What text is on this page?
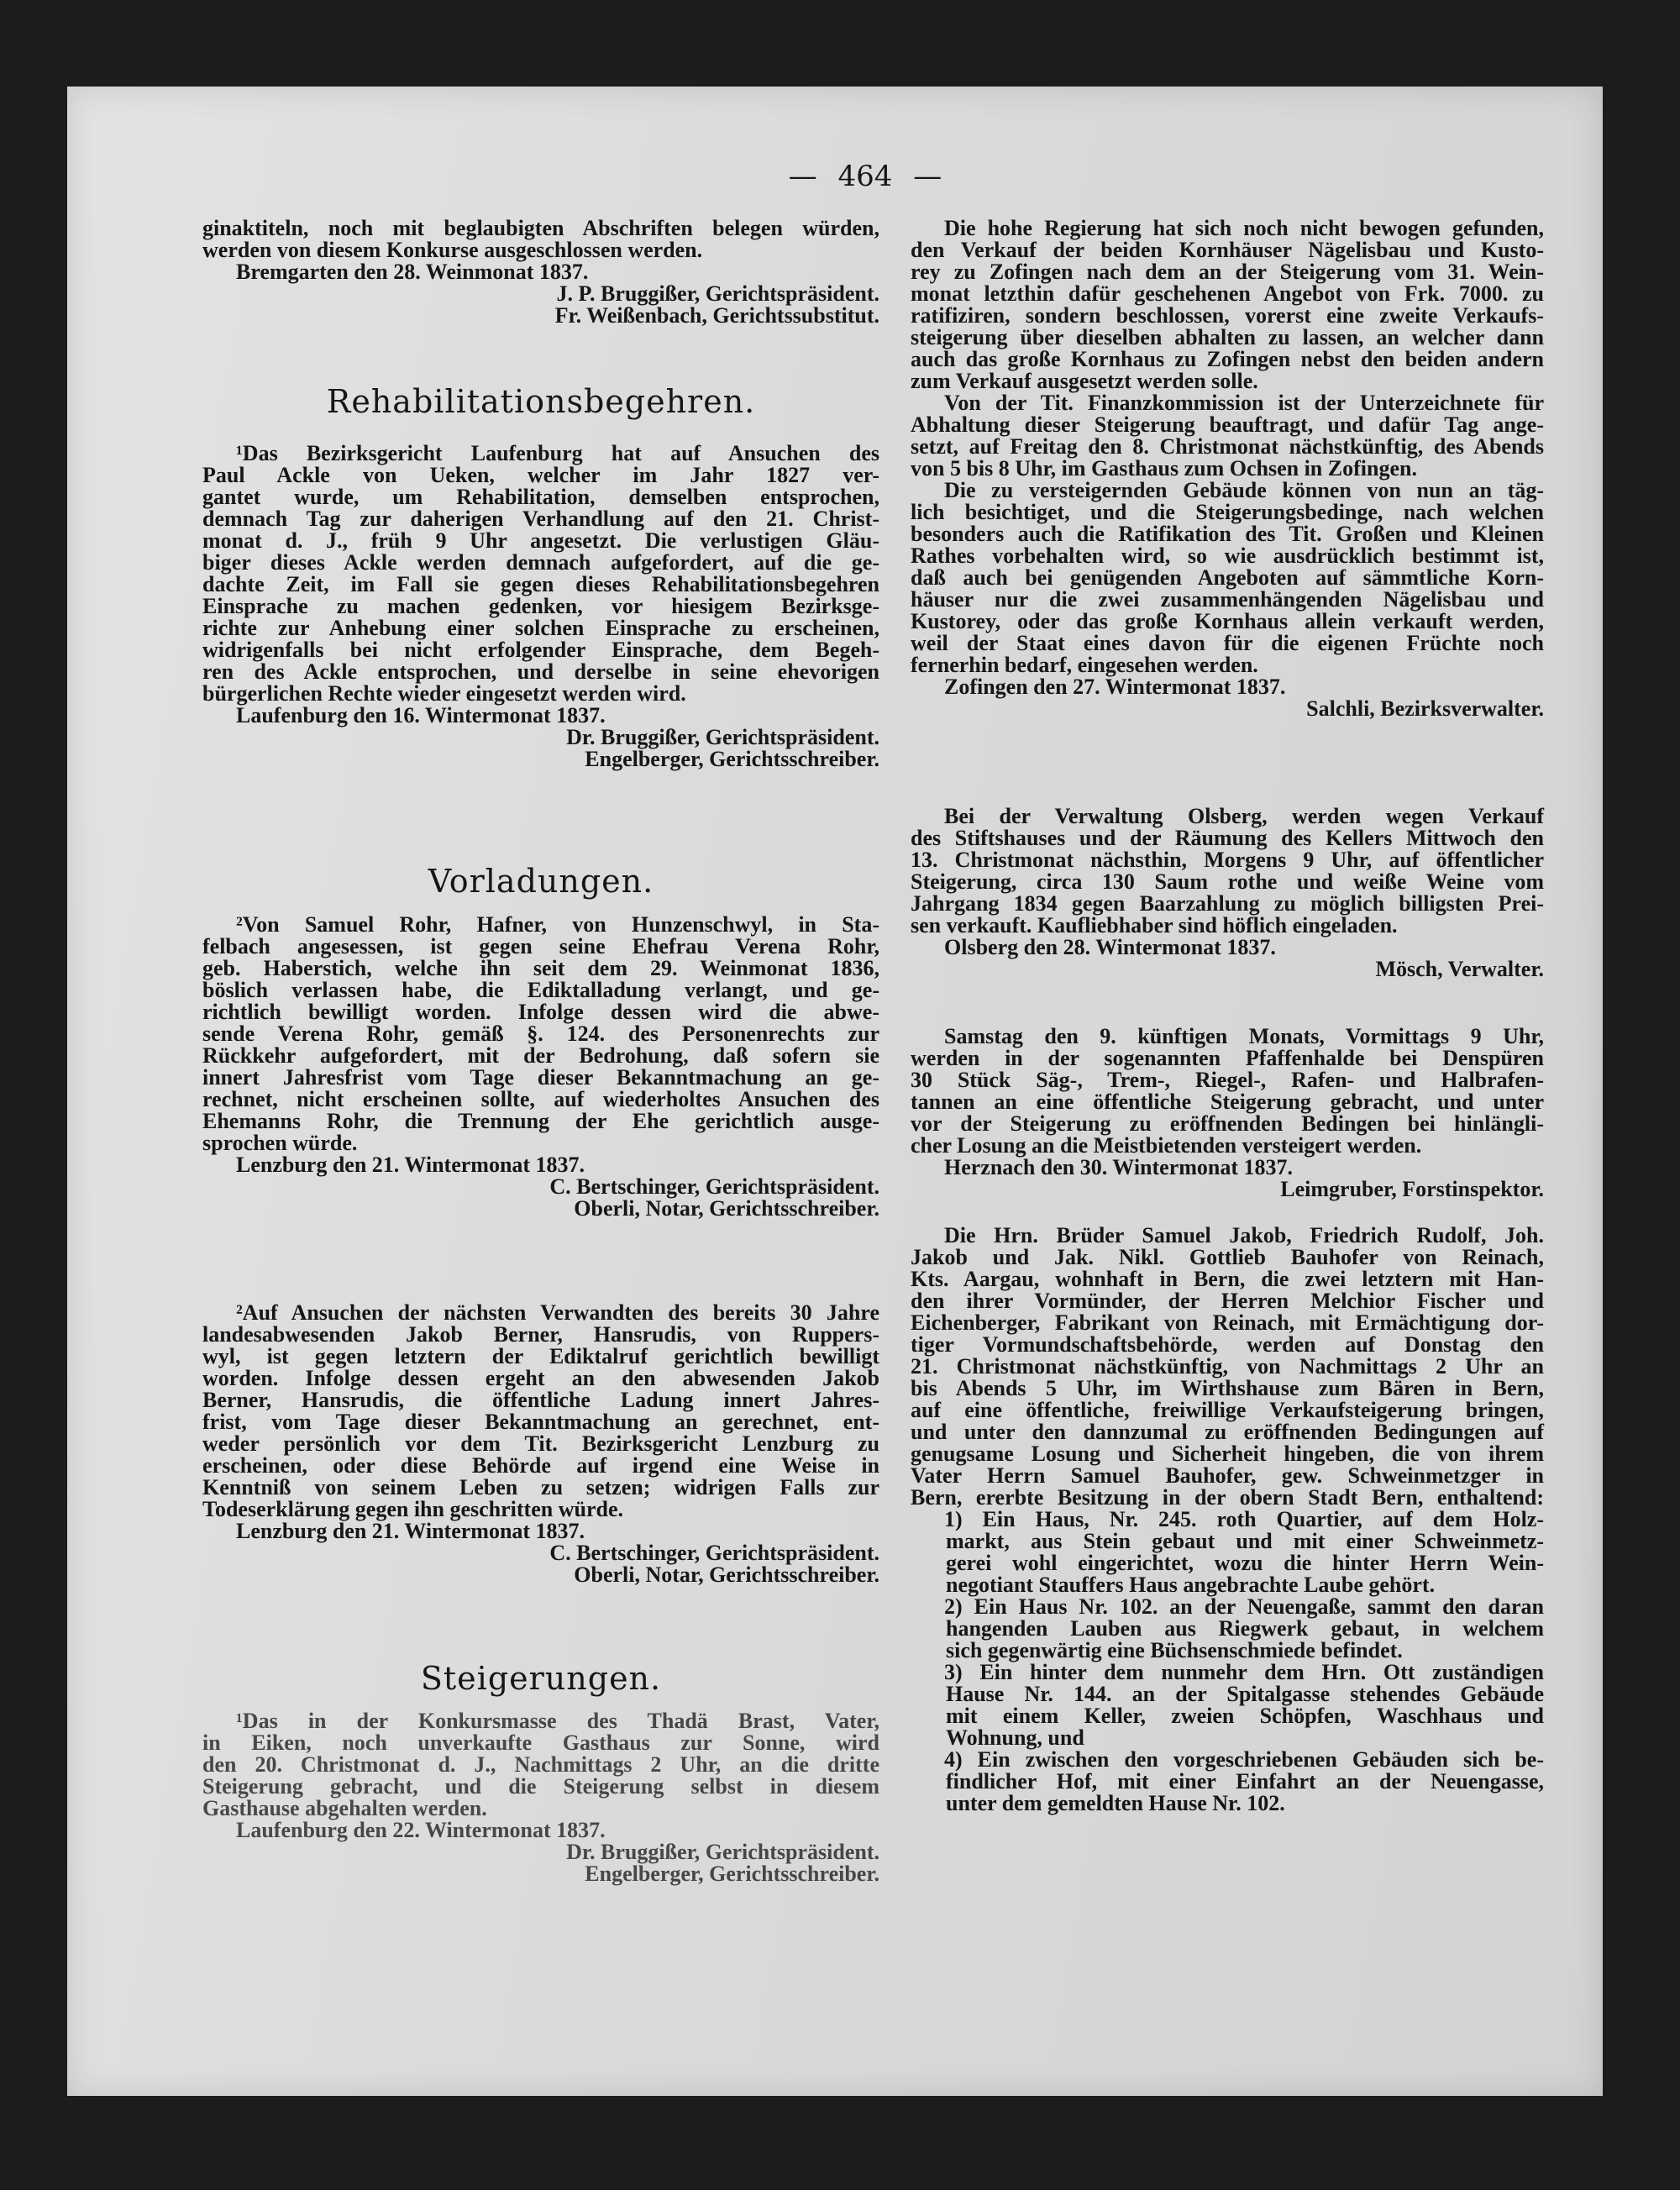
— 464 —
ginaktiteln, noch mit beglaubigten Abschriften belegen würden,
werden von diesem Konkurse ausgeschlossen werden.
Bremgarten den 28. Weinmonat 1837.
J. P. Bruggißer, Gerichtspräsident.
Fr. Weißenbach, Gerichtssubstitut.
Rehabilitationsbegehren.
¹Das Bezirksgericht Laufenburg hat auf Ansuchen des
Paul Ackle von Ueken, welcher im Jahr 1827 ver-
gantet wurde, um Rehabilitation, demselben entsprochen,
demnach Tag zur daherigen Verhandlung auf den 21. Christ-
monat d. J., früh 9 Uhr angesetzt. Die verlustigen Gläu-
biger dieses Ackle werden demnach aufgefordert, auf die ge-
dachte Zeit, im Fall sie gegen dieses Rehabilitationsbegehren
Einsprache zu machen gedenken, vor hiesigem Bezirksge-
richte zur Anhebung einer solchen Einsprache zu erscheinen,
widrigenfalls bei nicht erfolgender Einsprache, dem Begeh-
ren des Ackle entsprochen, und derselbe in seine ehevorigen
bürgerlichen Rechte wieder eingesetzt werden wird.
Laufenburg den 16. Wintermonat 1837.
Dr. Bruggißer, Gerichtspräsident.
Engelberger, Gerichtsschreiber.
Vorladungen.
²Von Samuel Rohr, Hafner, von Hunzenschwyl, in Sta-
felbach angesessen, ist gegen seine Ehefrau Verena Rohr,
geb. Haberstich, welche ihn seit dem 29. Weinmonat 1836,
böslich verlassen habe, die Ediktalladung verlangt, und ge-
richtlich bewilligt worden. Infolge dessen wird die abwe-
sende Verena Rohr, gemäß §. 124. des Personenrechts zur
Rückkehr aufgefordert, mit der Bedrohung, daß sofern sie
innert Jahresfrist vom Tage dieser Bekanntmachung an ge-
rechnet, nicht erscheinen sollte, auf wiederholtes Ansuchen des
Ehemanns Rohr, die Trennung der Ehe gerichtlich ausge-
sprochen würde.
Lenzburg den 21. Wintermonat 1837.
C. Bertschinger, Gerichtspräsident.
Oberli, Notar, Gerichtsschreiber.
²Auf Ansuchen der nächsten Verwandten des bereits 30 Jahre
landesabwesenden Jakob Berner, Hansrudis, von Ruppers-
wyl, ist gegen letztern der Ediktalruf gerichtlich bewilligt
worden. Infolge dessen ergeht an den abwesenden Jakob
Berner, Hansrudis, die öffentliche Ladung innert Jahres-
frist, vom Tage dieser Bekanntmachung an gerechnet, ent-
weder persönlich vor dem Tit. Bezirksgericht Lenzburg zu
erscheinen, oder diese Behörde auf irgend eine Weise in
Kenntniß von seinem Leben zu setzen; widrigen Falls zur
Todeserklärung gegen ihn geschritten würde.
Lenzburg den 21. Wintermonat 1837.
C. Bertschinger, Gerichtspräsident.
Oberli, Notar, Gerichtsschreiber.
Steigerungen.
¹Das in der Konkursmasse des Thadä Brast, Vater,
in Eiken, noch unverkaufte Gasthaus zur Sonne, wird
den 20. Christmonat d. J., Nachmittags 2 Uhr, an die dritte
Steigerung gebracht, und die Steigerung selbst in diesem
Gasthause abgehalten werden.
Laufenburg den 22. Wintermonat 1837.
Dr. Bruggißer, Gerichtspräsident.
Engelberger, Gerichtsschreiber.
Die hohe Regierung hat sich noch nicht bewogen gefunden,
den Verkauf der beiden Kornhäuser Nägelisbau und Kusto-
rey zu Zofingen nach dem an der Steigerung vom 31. Wein-
monat letzthin dafür geschehenen Angebot von Frk. 7000. zu
ratifiziren, sondern beschlossen, vorerst eine zweite Verkaufs-
steigerung über dieselben abhalten zu lassen, an welcher dann
auch das große Kornhaus zu Zofingen nebst den beiden andern
zum Verkauf ausgesetzt werden solle.
Von der Tit. Finanzkommission ist der Unterzeichnete für
Abhaltung dieser Steigerung beauftragt, und dafür Tag ange-
setzt, auf Freitag den 8. Christmonat nächstkünftig, des Abends
von 5 bis 8 Uhr, im Gasthaus zum Ochsen in Zofingen.
Die zu versteigernden Gebäude können von nun an täg-
lich besichtiget, und die Steigerungsbedinge, nach welchen
besonders auch die Ratifikation des Tit. Großen und Kleinen
Rathes vorbehalten wird, so wie ausdrücklich bestimmt ist,
daß auch bei genügenden Angeboten auf sämmtliche Korn-
häuser nur die zwei zusammenhängenden Nägelisbau und
Kustorey, oder das große Kornhaus allein verkauft werden,
weil der Staat eines davon für die eigenen Früchte noch
fernerhin bedarf, eingesehen werden.
Zofingen den 27. Wintermonat 1837.
Salchli, Bezirksverwalter.
Bei der Verwaltung Olsberg, werden wegen Verkauf
des Stiftshauses und der Räumung des Kellers Mittwoch den
13. Christmonat nächsthin, Morgens 9 Uhr, auf öffentlicher
Steigerung, circa 130 Saum rothe und weiße Weine vom
Jahrgang 1834 gegen Baarzahlung zu möglich billigsten Prei-
sen verkauft. Kaufliebhaber sind höflich eingeladen.
Olsberg den 28. Wintermonat 1837.
Mösch, Verwalter.
Samstag den 9. künftigen Monats, Vormittags 9 Uhr,
werden in der sogenannten Pfaffenhalde bei Denspüren
30 Stück Säg-, Trem-, Riegel-, Rafen- und Halbrafen-
tannen an eine öffentliche Steigerung gebracht, und unter
vor der Steigerung zu eröffnenden Bedingen bei hinlängli-
cher Losung an die Meistbietenden versteigert werden.
Herznach den 30. Wintermonat 1837.
Leimgruber, Forstinspektor.
Die Hrn. Brüder Samuel Jakob, Friedrich Rudolf, Joh.
Jakob und Jak. Nikl. Gottlieb Bauhofer von Reinach,
Kts. Aargau, wohnhaft in Bern, die zwei letztern mit Han-
den ihrer Vormünder, der Herren Melchior Fischer und
Eichenberger, Fabrikant von Reinach, mit Ermächtigung dor-
tiger Vormundschaftsbehörde, werden auf Donstag den
21. Christmonat nächstkünftig, von Nachmittags 2 Uhr an
bis Abends 5 Uhr, im Wirthshause zum Bären in Bern,
auf eine öffentliche, freiwillige Verkaufsteigerung bringen,
und unter den dannzumal zu eröffnenden Bedingungen auf
genugsame Losung und Sicherheit hingeben, die von ihrem
Vater Herrn Samuel Bauhofer, gew. Schweinmetzger in
Bern, ererbte Besitzung in der obern Stadt Bern, enthaltend:
1) Ein Haus, Nr. 245. roth Quartier, auf dem Holz-
markt, aus Stein gebaut und mit einer Schweinmetz-
gerei wohl eingerichtet, wozu die hinter Herrn Wein-
negotiant Stauffers Haus angebrachte Laube gehört.
2) Ein Haus Nr. 102. an der Neuengaße, sammt den daran
hangenden Lauben aus Riegwerk gebaut, in welchem
sich gegenwärtig eine Büchsenschmiede befindet.
3) Ein hinter dem nunmehr dem Hrn. Ott zuständigen
Hause Nr. 144. an der Spitalgasse stehendes Gebäude
mit einem Keller, zweien Schöpfen, Waschhaus und
Wohnung, und
4) Ein zwischen den vorgeschriebenen Gebäuden sich be-
findlicher Hof, mit einer Einfahrt an der Neuengasse,
unter dem gemeldten Hause Nr. 102.
